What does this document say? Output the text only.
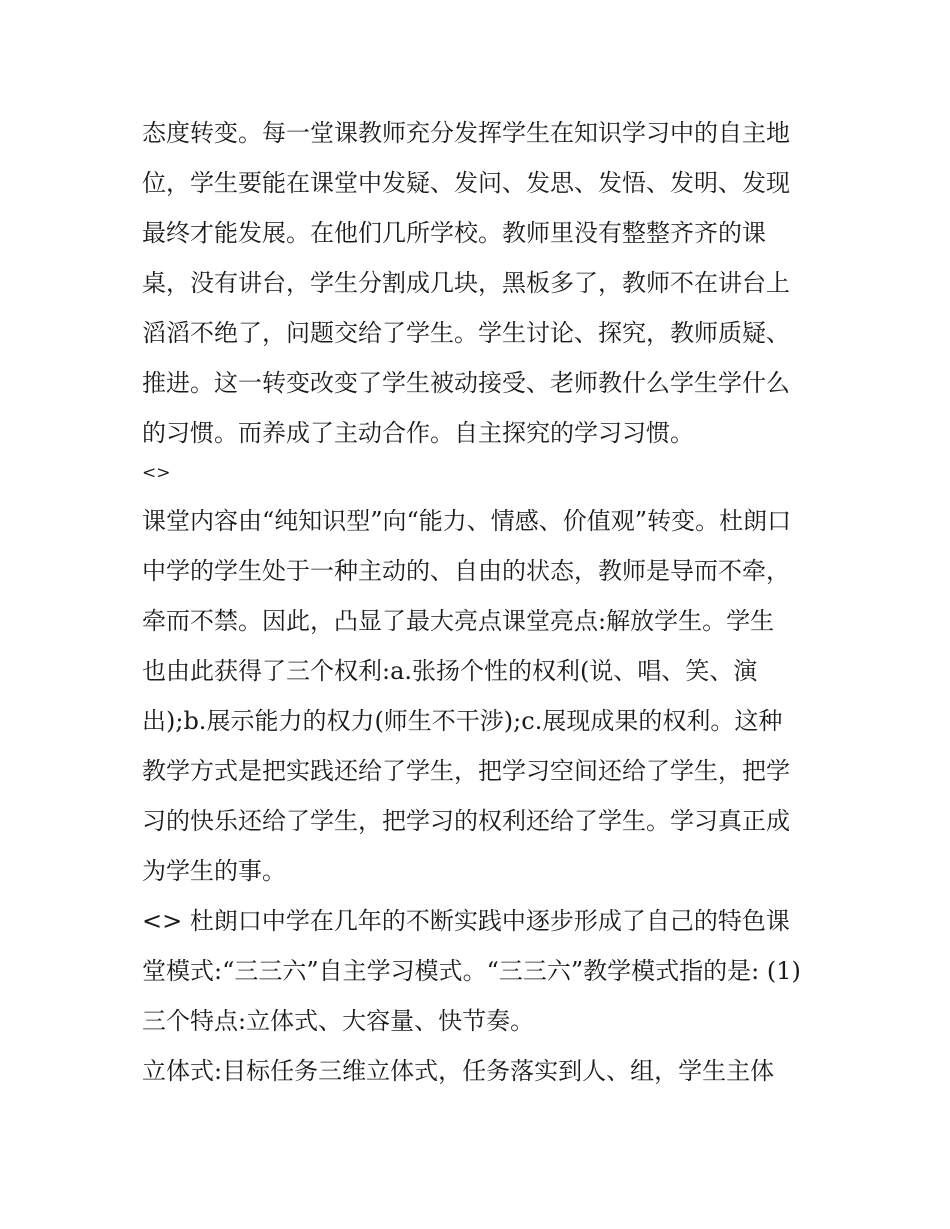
态度转变。每一堂课教师充分发挥学生在知识学习中的自主地
位，学生要能在课堂中发疑、发问、发思、发悟、发明、发现
最终才能发展。在他们几所学校。教师里没有整整齐齐的课
桌，没有讲台，学生分割成几块，黑板多了，教师不在讲台上
滔滔不绝了，问题交给了学生。学生讨论、探究，教师质疑、
推进。这一转变改变了学生被动接受、老师教什么学生学什么
的习惯。而养成了主动合作。自主探究的学习习惯。

<>

课堂内容由“纯知识型”向“能力、情感、价值观”转变。杜朗口
中学的学生处于一种主动的、自由的状态，教师是导而不牵，
牵而不禁。因此，凸显了最大亮点课堂亮点:解放学生。学生
也由此获得了三个权利:a.张扬个性的权利(说、唱、笑、演
出);b.展示能力的权力(师生不干涉);c.展现成果的权利。这种
教学方式是把实践还给了学生，把学习空间还给了学生，把学
习的快乐还给了学生，把学习的权利还给了学生。学习真正成
为学生的事。

<> 杜朗口中学在几年的不断实践中逐步形成了自己的特色课
堂模式:“三三六”自主学习模式。“三三六”教学模式指的是: (1)
三个特点:立体式、大容量、快节奏。

立体式:目标任务三维立体式，任务落实到人、组，学生主体
